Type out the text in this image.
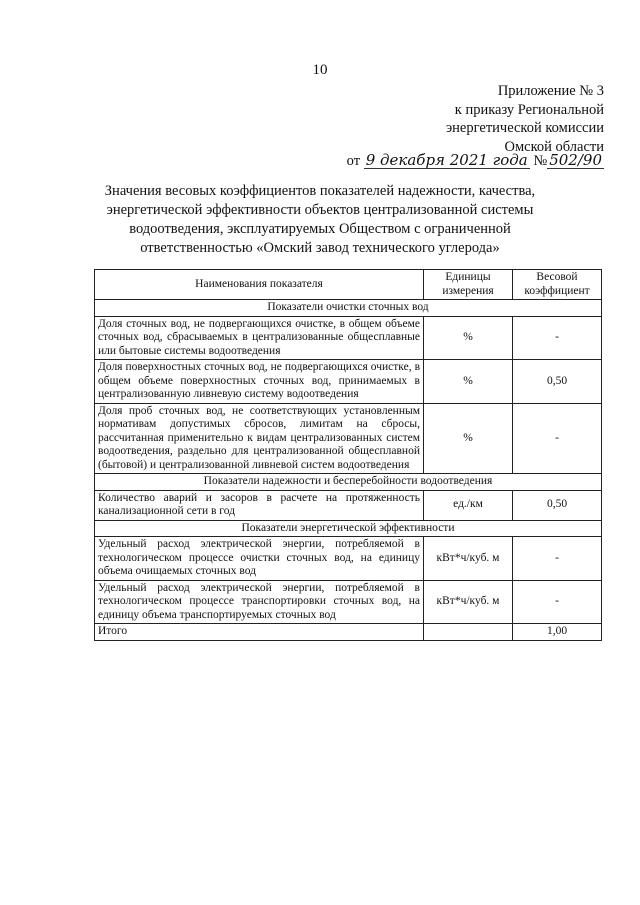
10
Приложение № 3
к приказу Региональной
энергетической комиссии
Омской области
от 9 декабря 2021 года № 502/90
Значения весовых коэффициентов показателей надежности, качества, энергетической эффективности объектов централизованной системы водоотведения, эксплуатируемых Обществом с ограниченной ответственностью «Омский завод технического углерода»
Наименования показателя	Единицы измерения	Весовой коэффициент
Показатели очистки сточных вод		
Доля сточных вод, не подвергающихся очистке, в общем объеме сточных вод, сбрасываемых в централизованные общесплавные или бытовые системы водоотведения	%	-
Доля поверхностных сточных вод, не подвергающихся очистке, в общем объеме поверхностных сточных вод, принимаемых в централизованную ливневую систему водоотведения	%	0,50
Доля проб сточных вод, не соответствующих установленным нормативам допустимых сбросов, лимитам на сбросы, рассчитанная применительно к видам централизованных систем водоотведения, раздельно для централизованной общесплавной (бытовой) и централизованной ливневой систем водоотведения	%	-
Показатели надежности и бесперебойности водоотведения		
Количество аварий и засоров в расчете на протяженность канализационной сети в год	ед./км	0,50
Показатели энергетической эффективности		
Удельный расход электрической энергии, потребляемой в технологическом процессе очистки сточных вод, на единицу объема очищаемых сточных вод	кВт*ч/куб. м	-
Удельный расход электрической энергии, потребляемой в технологическом процессе транспортировки сточных вод, на единицу объема транспортируемых сточных вод	кВт*ч/куб. м	-
Итого		1,00
